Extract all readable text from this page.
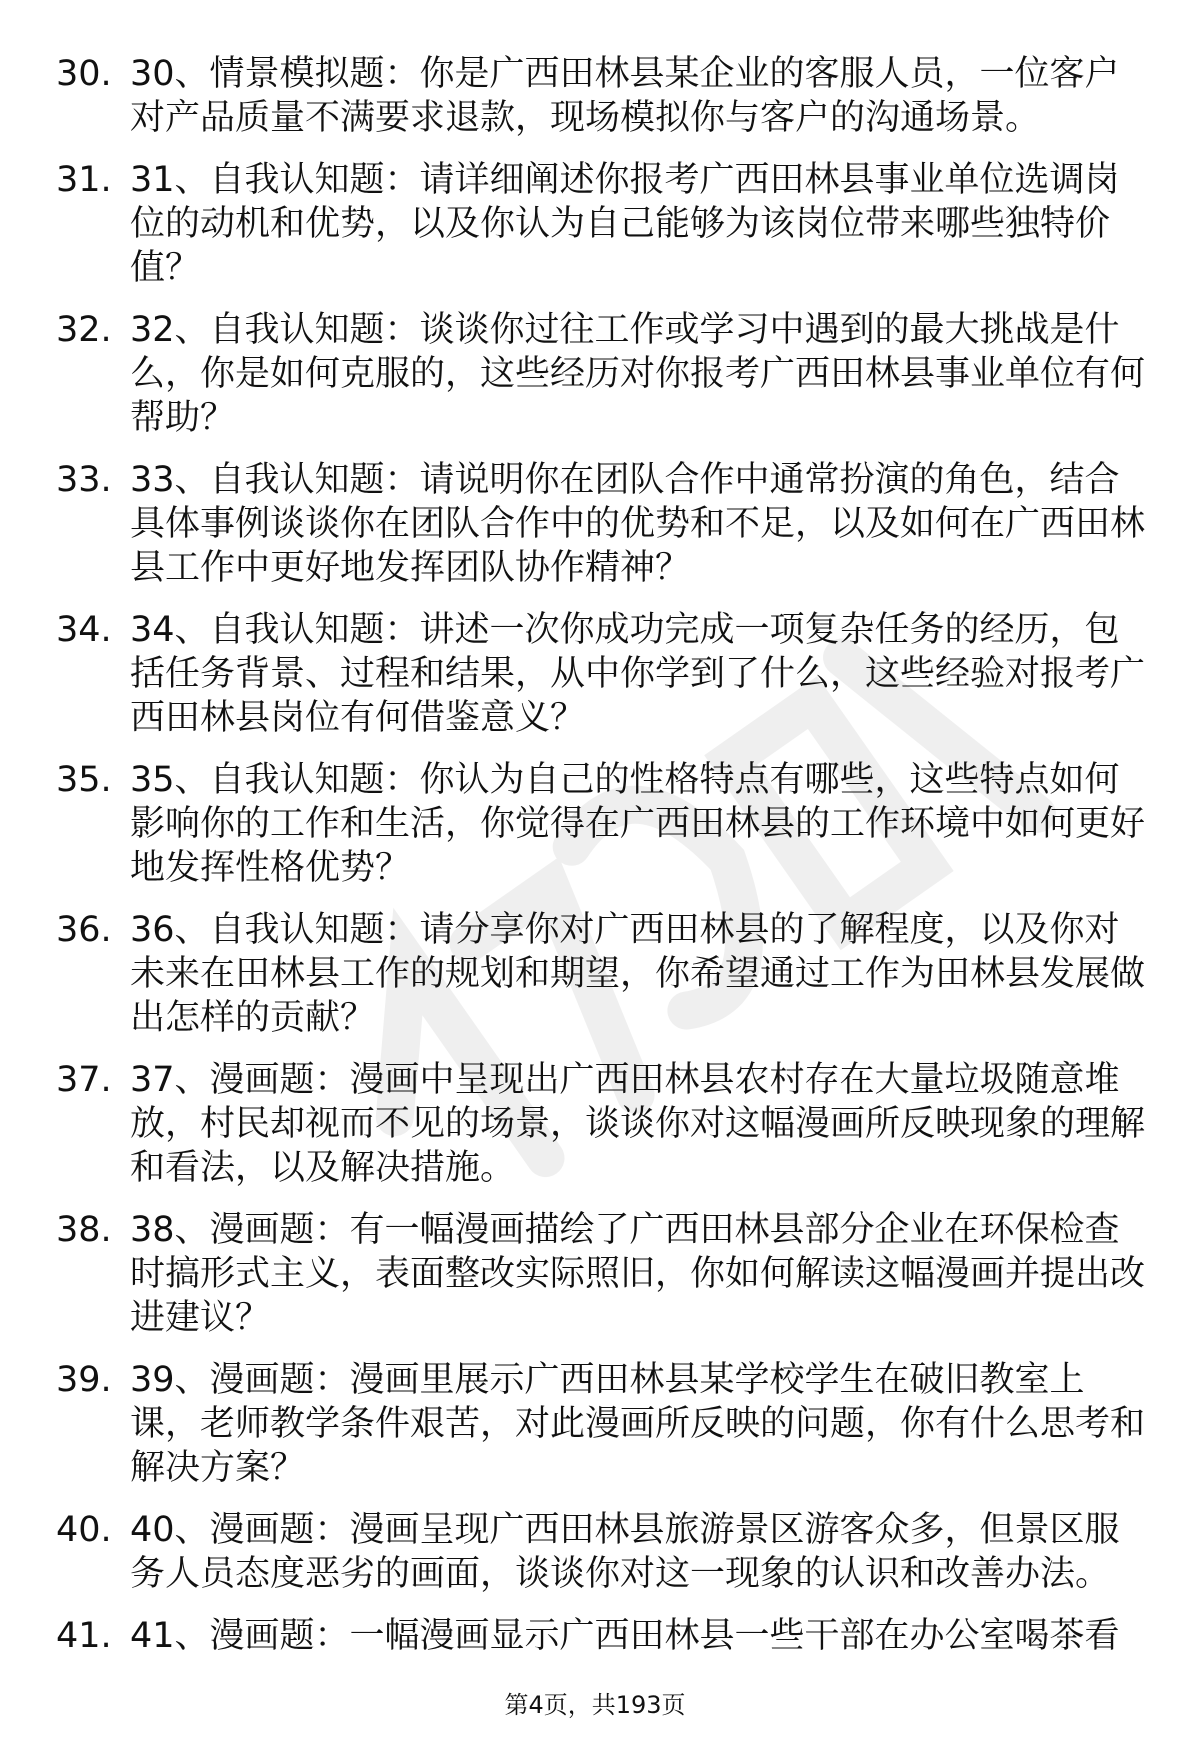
30. 30、情景模拟题：你是广西田林县某企业的客服人员，一位客户对产品质量不满要求退款，现场模拟你与客户的沟通场景。
31. 31、自我认知题：请详细阐述你报考广西田林县事业单位选调岗位的动机和优势，以及你认为自己能够为该岗位带来哪些独特价值？
32. 32、自我认知题：谈谈你过往工作或学习中遇到的最大挑战是什么，你是如何克服的，这些经历对你报考广西田林县事业单位有何帮助？
33. 33、自我认知题：请说明你在团队合作中通常扮演的角色，结合具体事例谈谈你在团队合作中的优势和不足，以及如何在广西田林县工作中更好地发挥团队协作精神？
34. 34、自我认知题：讲述一次你成功完成一项复杂任务的经历，包括任务背景、过程和结果，从中你学到了什么，这些经验对报考广西田林县岗位有何借鉴意义？
35. 35、自我认知题：你认为自己的性格特点有哪些，这些特点如何影响你的工作和生活，你觉得在广西田林县的工作环境中如何更好地发挥性格优势？
36. 36、自我认知题：请分享你对广西田林县的了解程度，以及你对未来在田林县工作的规划和期望，你希望通过工作为田林县发展做出怎样的贡献？
37. 37、漫画题：漫画中呈现出广西田林县农村存在大量垃圾随意堆放，村民却视而不见的场景，谈谈你对这幅漫画所反映现象的理解和看法，以及解决措施。
38. 38、漫画题：有一幅漫画描绘了广西田林县部分企业在环保检查时搞形式主义，表面整改实际照旧，你如何解读这幅漫画并提出改进建议？
39. 39、漫画题：漫画里展示广西田林县某学校学生在破旧教室上课，老师教学条件艰苦，对此漫画所反映的问题，你有什么思考和解决方案？
40. 40、漫画题：漫画呈现广西田林县旅游景区游客众多，但景区服务人员态度恶劣的画面，谈谈你对这一现象的认识和改善办法。
41. 41、漫画题：一幅漫画显示广西田林县一些干部在办公室喝茶看
第4页，共193页
